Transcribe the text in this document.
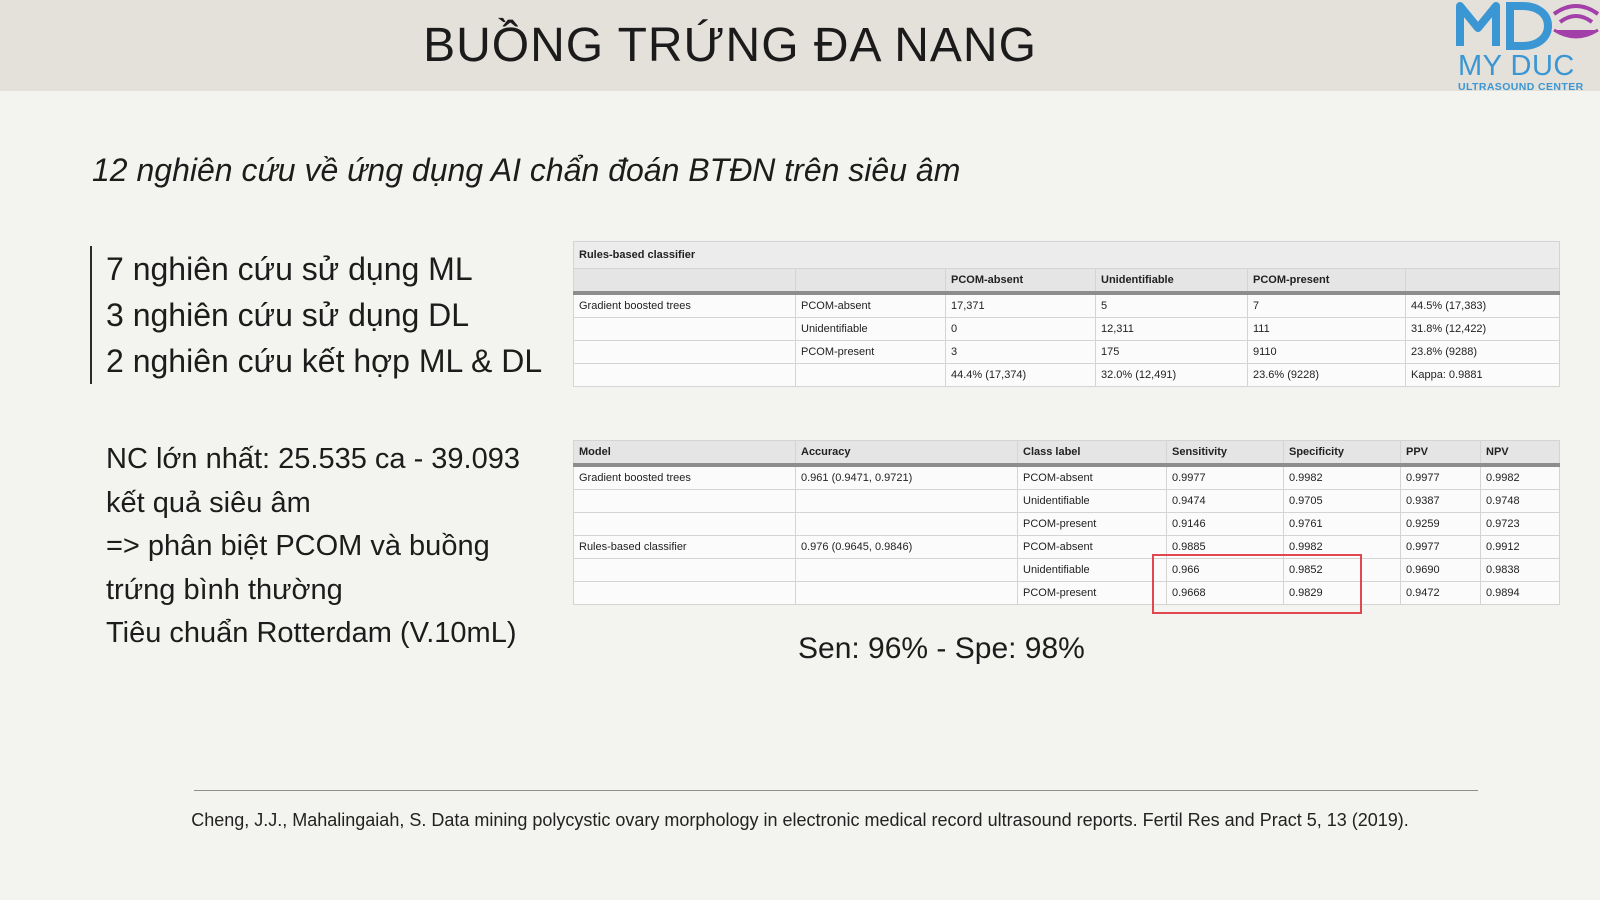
BUỒNG TRỨNG ĐA NANG	MY DUC
ULTRASOUND CENTER
12 nghiên cứu về ứng dụng AI chẩn đoán BTĐN trên siêu âm
7 nghiên cứu sử dụng ML
3 nghiên cứu sử dụng DL
2 nghiên cứu kết hợp ML & DL
NC lớn nhất: 25.535 ca - 39.093
kết quả siêu âm
=> phân biệt PCOM và buồng
trứng bình thường
Tiêu chuẩn Rotterdam (V.10mL)
Rules-based classifier					
		PCOM-absent	Unidentifiable	PCOM-present	
Gradient boosted trees	PCOM-absent	17,371	5	7	44.5% (17,383)
	Unidentifiable	0	12,311	111	31.8% (12,422)
	PCOM-present	3	175	9110	23.8% (9288)
		44.4% (17,374)	32.0% (12,491)	23.6% (9228)	Kappa: 0.9881
Model	Accuracy	Class label	Sensitivity	Specificity	PPV	NPV
Gradient boosted trees	0.961 (0.9471, 0.9721)	PCOM-absent	0.9977	0.9982	0.9977	0.9982
		Unidentifiable	0.9474	0.9705	0.9387	0.9748
		PCOM-present	0.9146	0.9761	0.9259	0.9723
Rules-based classifier	0.976 (0.9645, 0.9846)	PCOM-absent	0.9885	0.9982	0.9977	0.9912
		Unidentifiable	0.966	0.9852	0.9690	0.9838
		PCOM-present	0.9668	0.9829	0.9472	0.9894
Sen: 96% - Spe: 98%
Cheng, J.J., Mahalingaiah, S. Data mining polycystic ovary morphology in electronic medical record ultrasound reports. Fertil Res and Pract 5, 13 (2019).
